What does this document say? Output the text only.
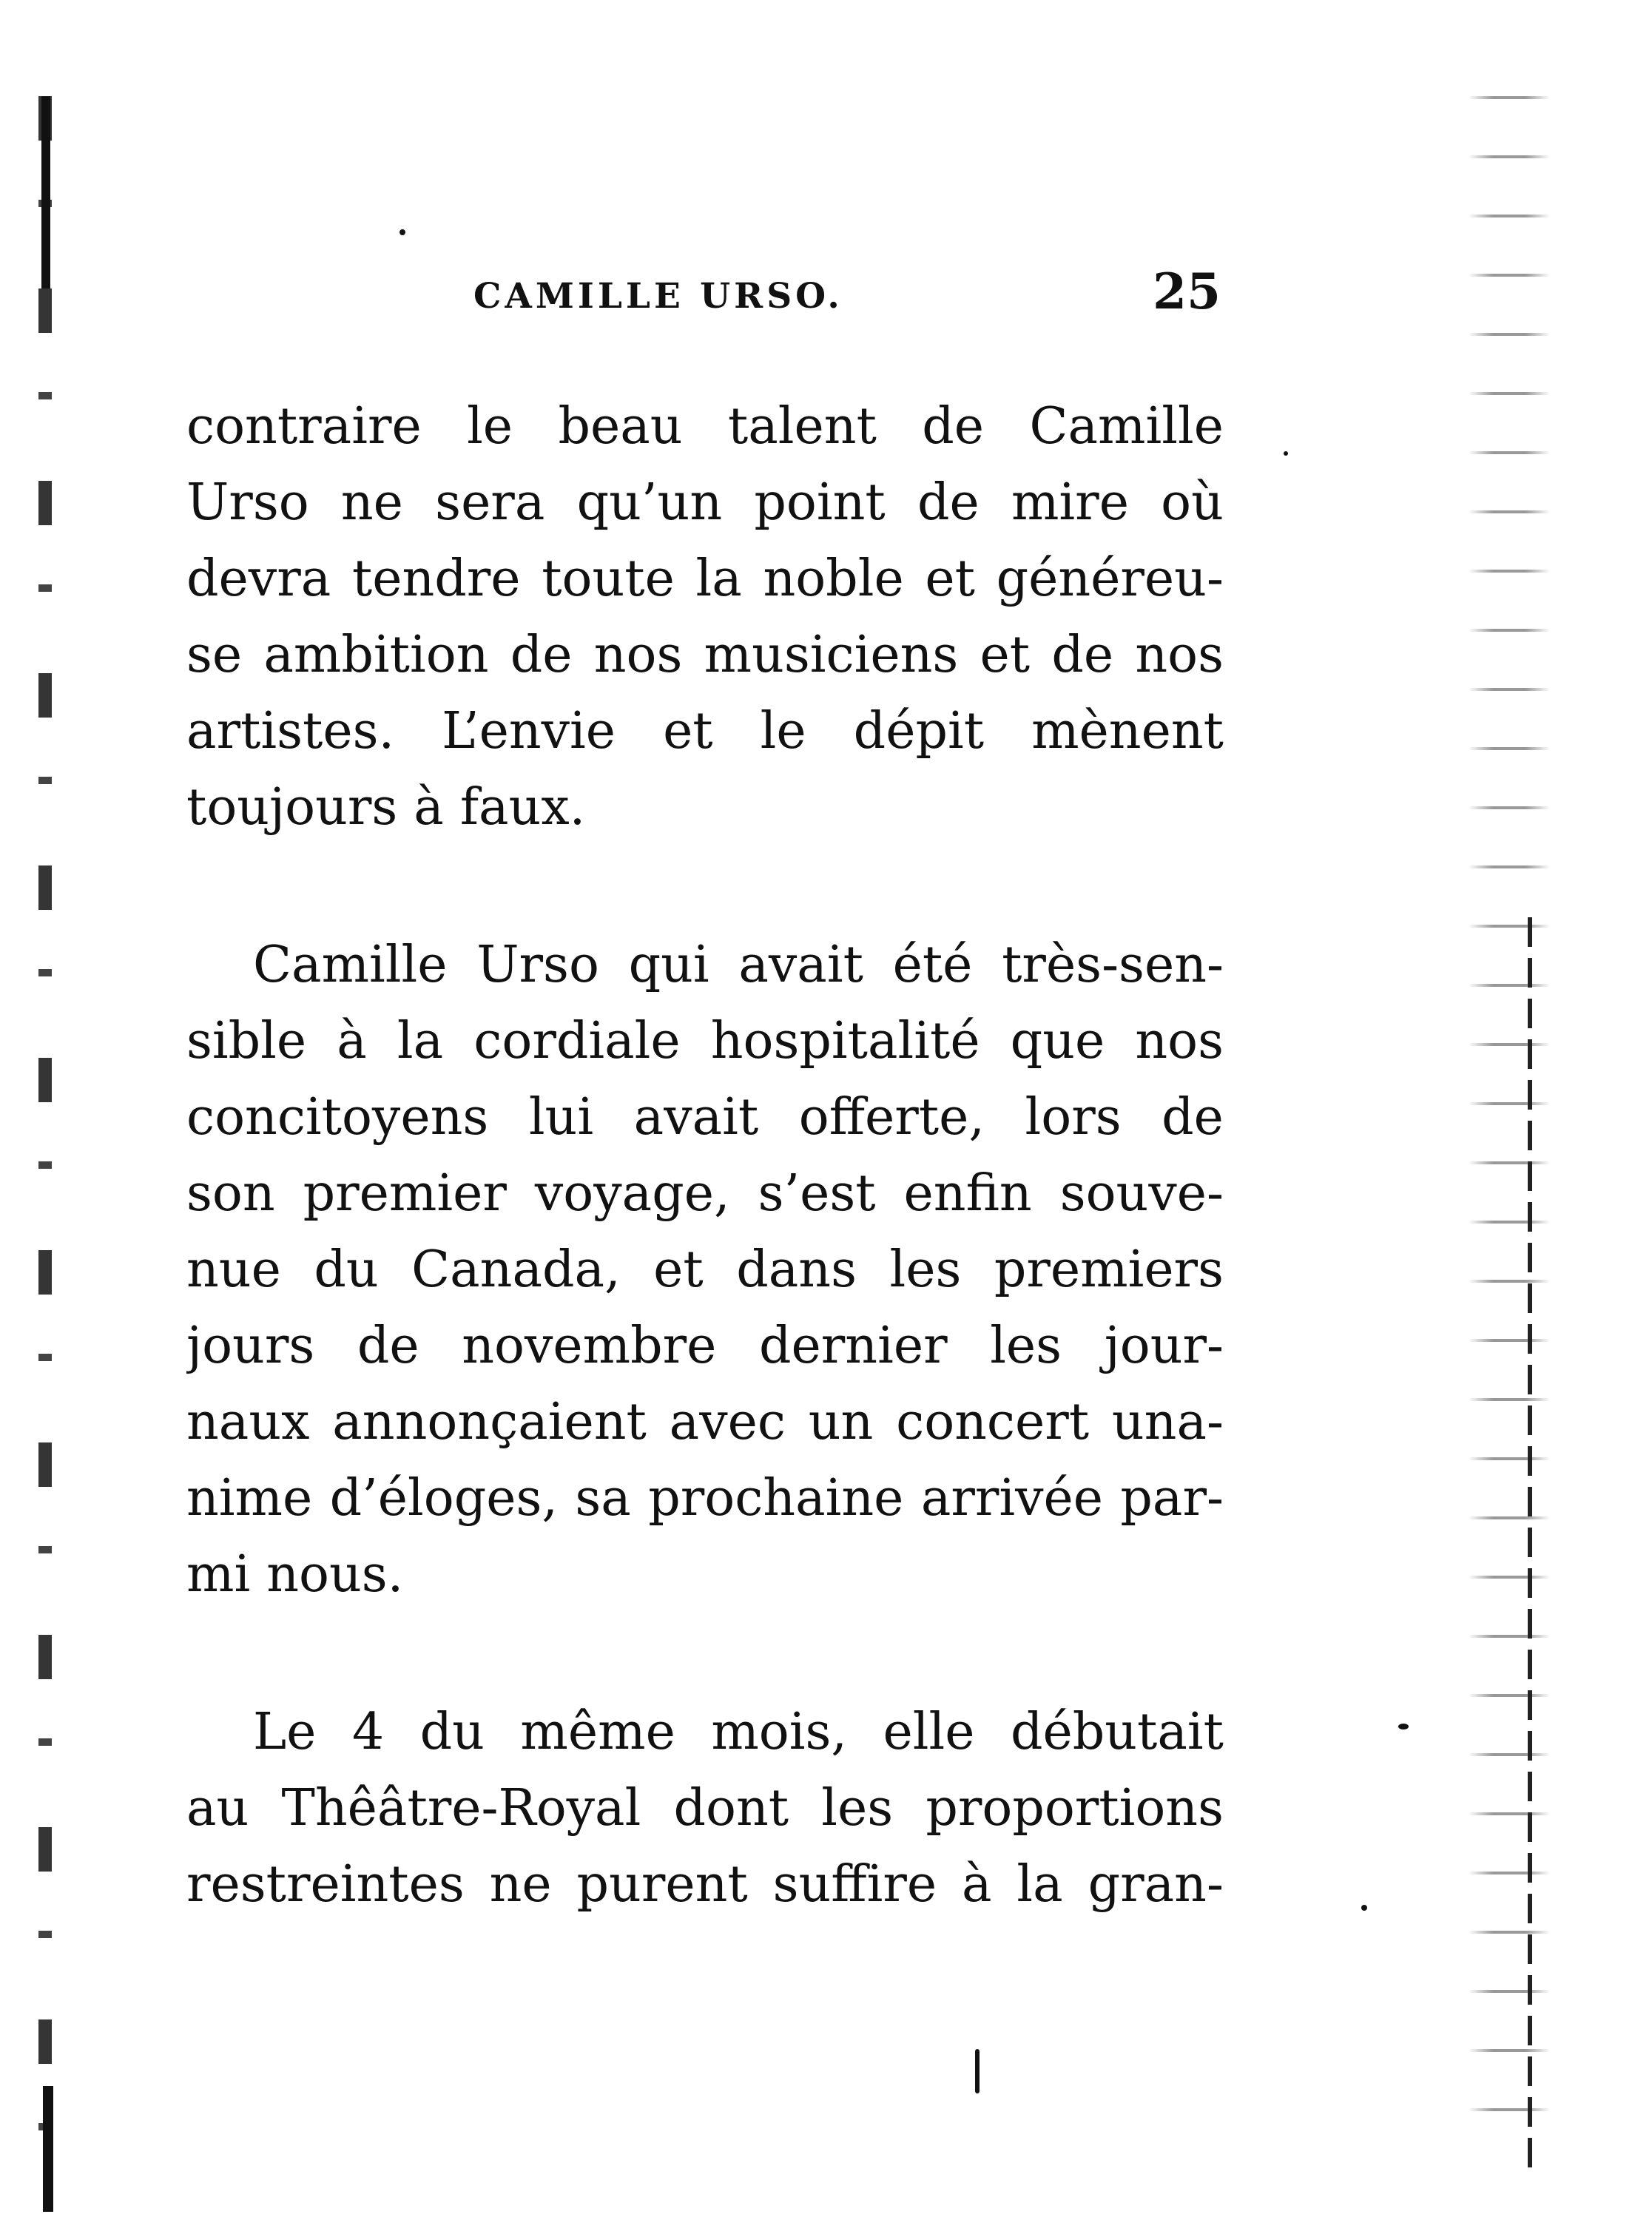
CAMILLE URSO.	25
contraire le beau talent de Camille
Urso ne sera qu’un point de mire où
devra tendre toute la noble et généreu-
se ambition de nos musiciens et de nos
artistes. L’envie et le dépit mènent
toujours à faux.
Camille Urso qui avait été très-sen-
sible à la cordiale hospitalité que nos
concitoyens lui avait offerte, lors de
son premier voyage, s’est enfin souve-
nue du Canada, et dans les premiers
jours de novembre dernier les jour-
naux annonçaient avec un concert una-
nime d’éloges, sa prochaine arrivée par-
mi nous.
Le 4 du même mois, elle débutait
au Thêâtre-Royal dont les proportions
restreintes ne purent suffire à la gran-
